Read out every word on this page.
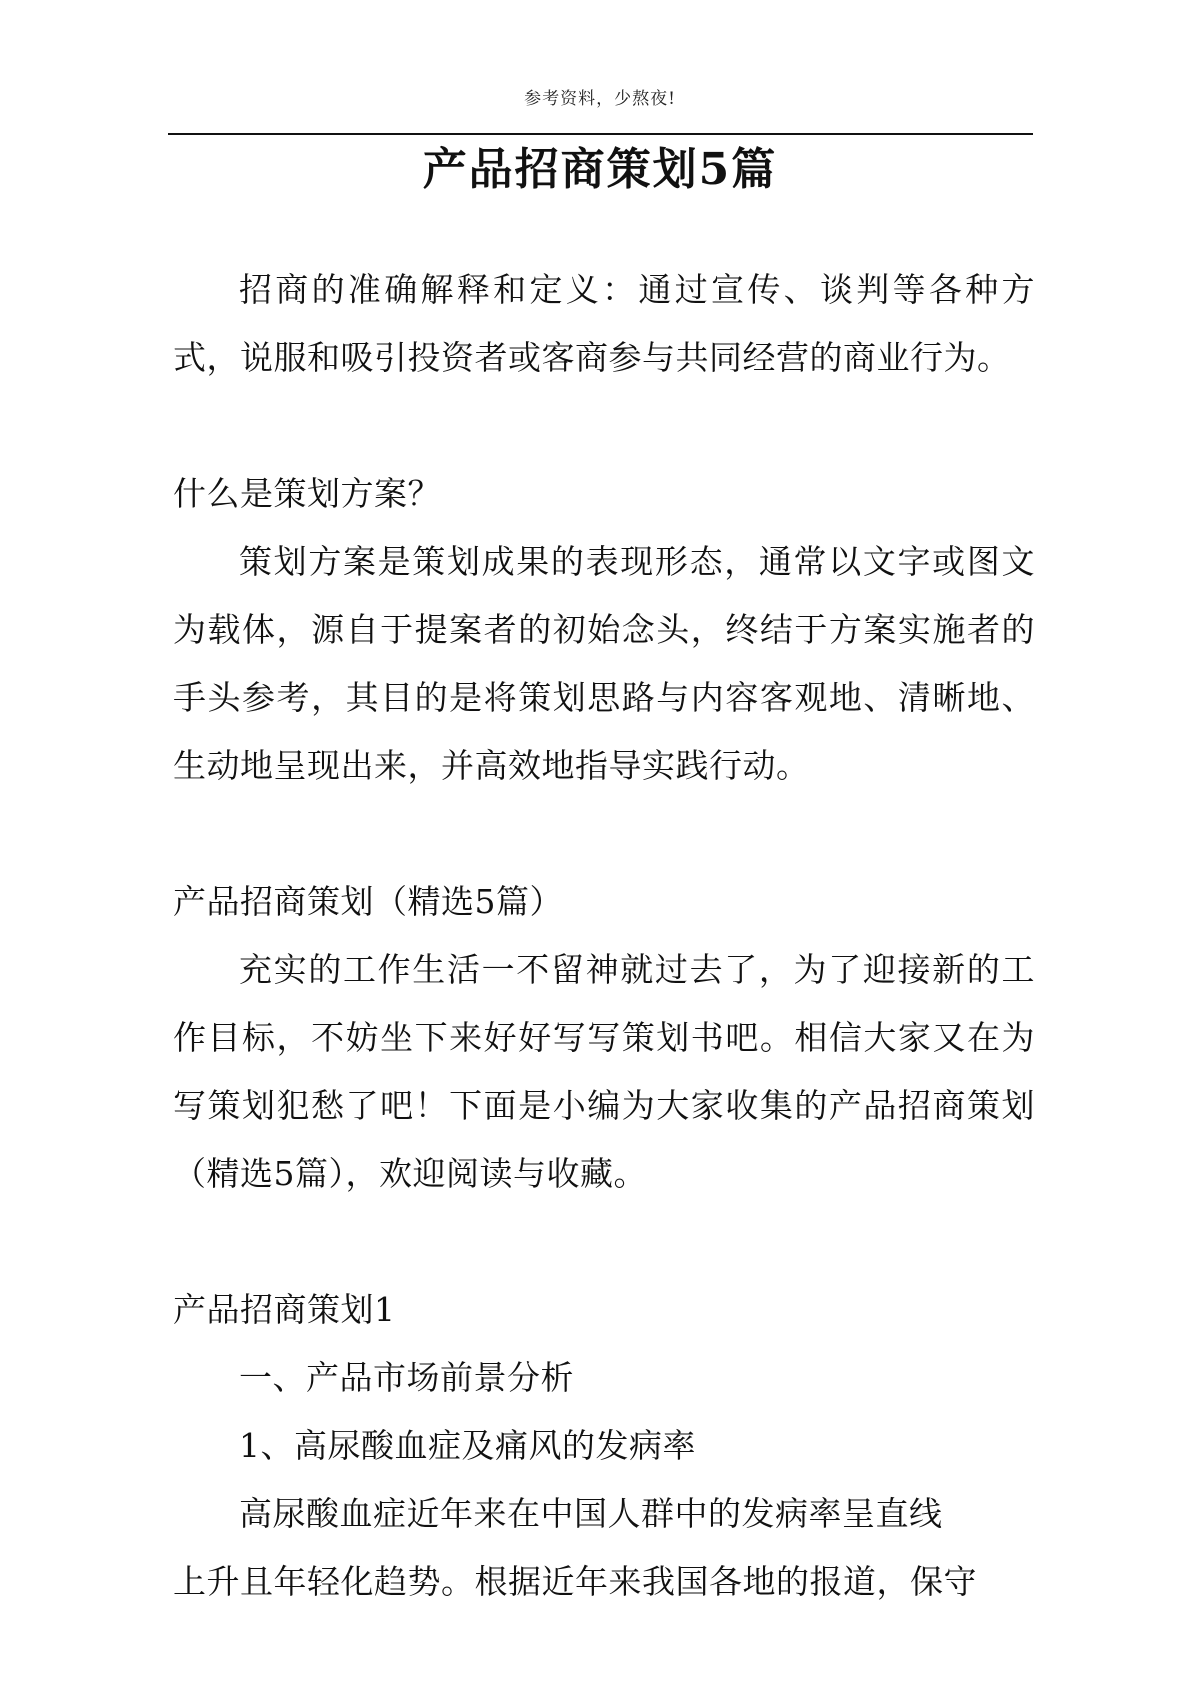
参考资料，少熬夜!
产品招商策划5篇

招商的准确解释和定义：通过宣传、谈判等各种方式，说服和吸引投资者或客商参与共同经营的商业行为。

什么是策划方案？

策划方案是策划成果的表现形态，通常以文字或图文为载体，源自于提案者的初始念头，终结于方案实施者的手头参考，其目的是将策划思路与内容客观地、清晰地、生动地呈现出来，并高效地指导实践行动。

产品招商策划（精选5篇）

充实的工作生活一不留神就过去了，为了迎接新的工作目标，不妨坐下来好好写写策划书吧。相信大家又在为写策划犯愁了吧！下面是小编为大家收集的产品招商策划（精选5篇），欢迎阅读与收藏。

产品招商策划1

一、产品市场前景分析

1、高尿酸血症及痛风的发病率

高尿酸血症近年来在中国人群中的发病率呈直线

上升且年轻化趋势。根据近年来我国各地的报道，保守
